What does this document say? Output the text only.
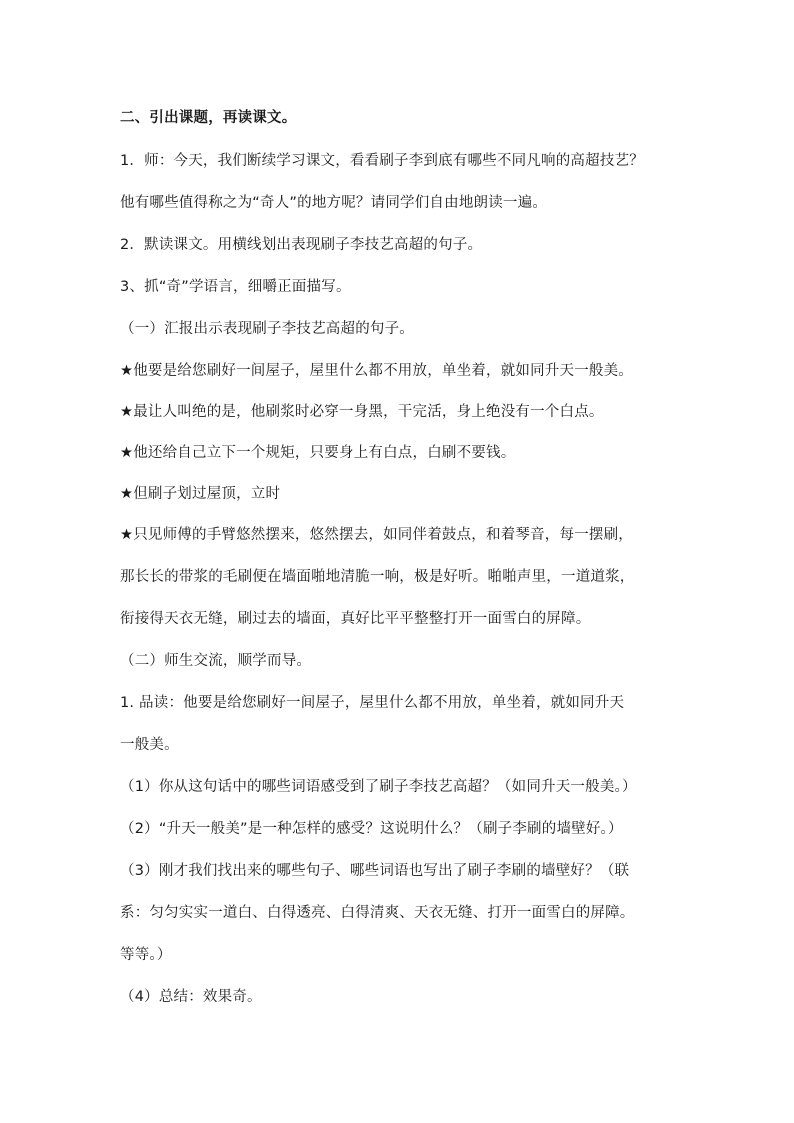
二、引出课题，再读课文。
1．师：今天，我们断续学习课文，看看刷子李到底有哪些不同凡响的高超技艺？
他有哪些值得称之为“奇人”的地方呢？请同学们自由地朗读一遍。
2．默读课文。用横线划出表现刷子李技艺高超的句子。
3、抓“奇”学语言，细嚼正面描写。
（一）汇报出示表现刷子李技艺高超的句子。
★他要是给您刷好一间屋子，屋里什么都不用放，单坐着，就如同升天一般美。
★最让人叫绝的是，他刷浆时必穿一身黑，干完活，身上绝没有一个白点。
★他还给自己立下一个规矩，只要身上有白点，白刷不要钱。
★但刷子划过屋顶，立时
★只见师傅的手臂悠然摆来，悠然摆去，如同伴着鼓点，和着琴音，每一摆刷，
那长长的带浆的毛刷便在墙面啪地清脆一响，极是好听。啪啪声里，一道道浆，
衔接得天衣无缝，刷过去的墙面，真好比平平整整打开一面雪白的屏障。
（二）师生交流，顺学而导。
1. 品读：他要是给您刷好一间屋子，屋里什么都不用放，单坐着，就如同升天
一般美。
（1）你从这句话中的哪些词语感受到了刷子李技艺高超？（如同升天一般美。）
（2）“升天一般美”是一种怎样的感受？这说明什么？（刷子李刷的墙壁好。）
（3）刚才我们找出来的哪些句子、哪些词语也写出了刷子李刷的墙壁好？（联
系：匀匀实实一道白、白得透亮、白得清爽、天衣无缝、打开一面雪白的屏障。
等等。）
（4）总结：效果奇。
